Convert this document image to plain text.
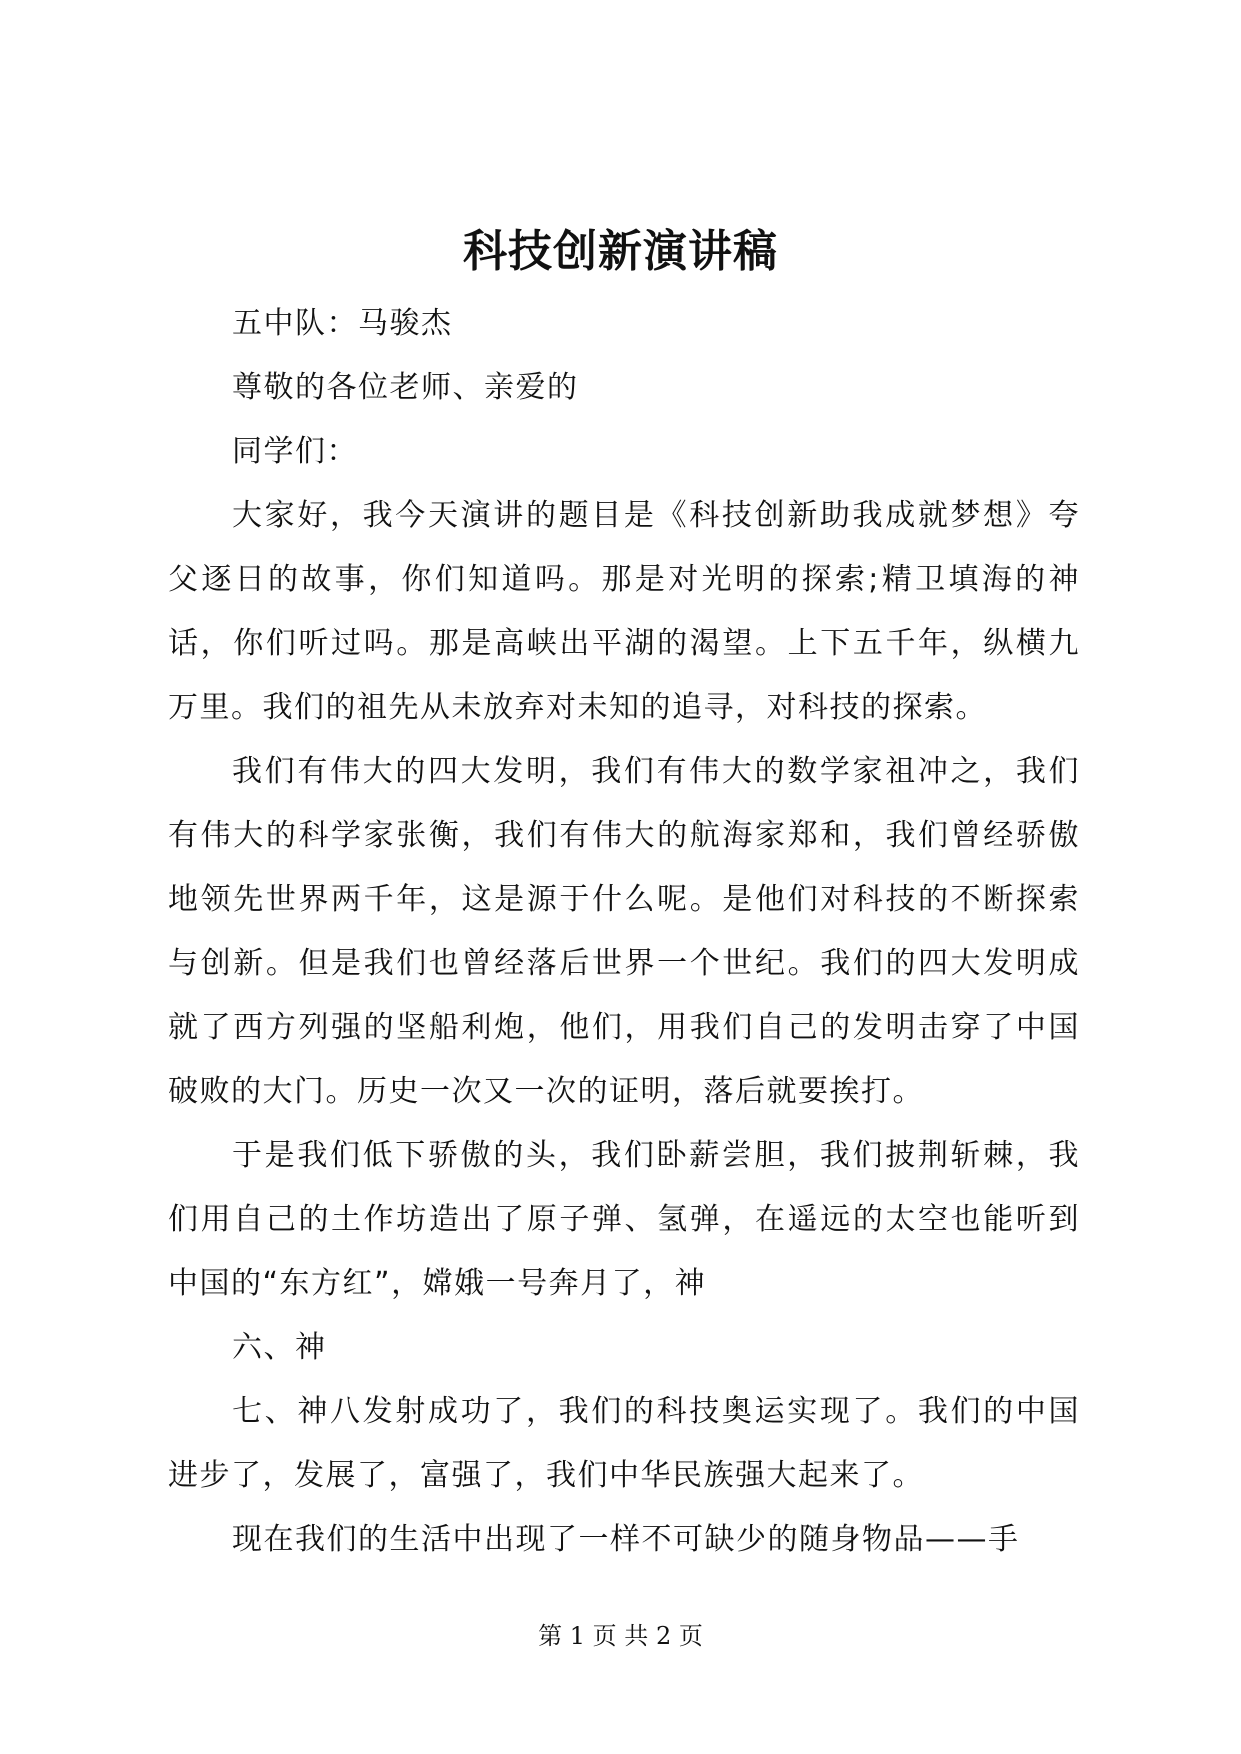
科技创新演讲稿

五中队：马骏杰

尊敬的各位老师、亲爱的

同学们：

大家好，我今天演讲的题目是《科技创新助我成就梦想》夸父逐日的故事，你们知道吗。那是对光明的探索;精卫填海的神话，你们听过吗。那是高峡出平湖的渴望。上下五千年，纵横九万里。我们的祖先从未放弃对未知的追寻，对科技的探索。

我们有伟大的四大发明，我们有伟大的数学家祖冲之，我们有伟大的科学家张衡，我们有伟大的航海家郑和，我们曾经骄傲地领先世界两千年，这是源于什么呢。是他们对科技的不断探索与创新。但是我们也曾经落后世界一个世纪。我们的四大发明成就了西方列强的坚船利炮，他们，用我们自己的发明击穿了中国破败的大门。历史一次又一次的证明，落后就要挨打。

于是我们低下骄傲的头，我们卧薪尝胆，我们披荆斩棘，我们用自己的土作坊造出了原子弹、氢弹，在遥远的太空也能听到中国的“东方红”，嫦娥一号奔月了，神

六、神

七、神八发射成功了，我们的科技奥运实现了。我们的中国进步了，发展了，富强了，我们中华民族强大起来了。

现在我们的生活中出现了一样不可缺少的随身物品——手

第 1 页 共 2 页
